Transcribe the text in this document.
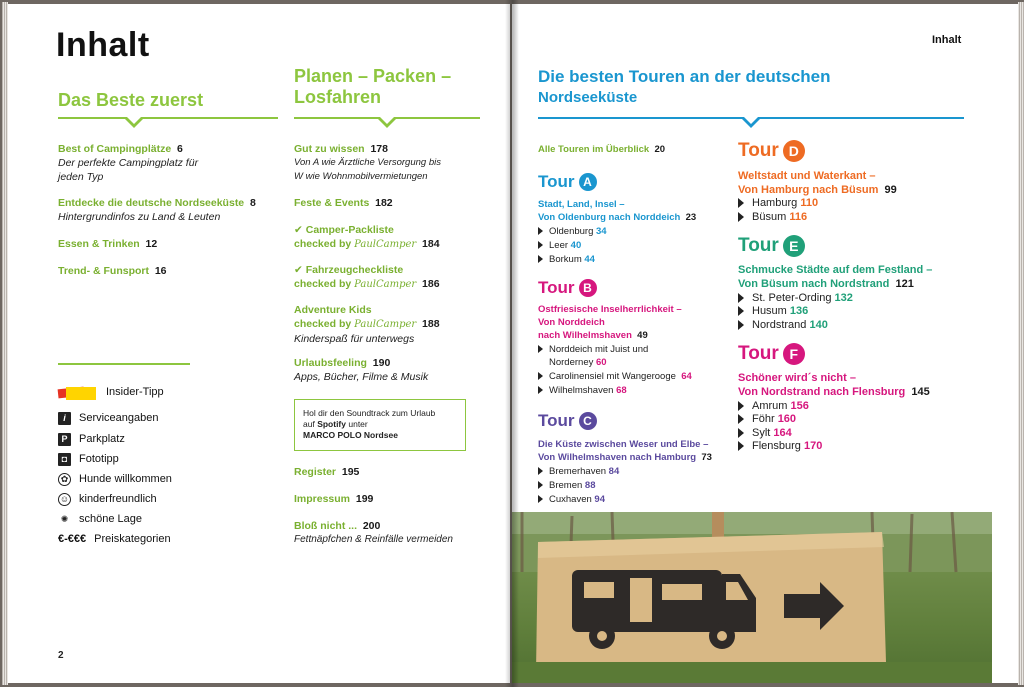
Inhalt
Das Beste zuerst
Best of Campingplätze 6
Der perfekte Campingplatz für
jeden Typ
Entdecke die deutsche Nordseeküste 8
Hintergrundinfos zu Land & Leuten
Essen & Trinken 12
Trend- & Funsport 16
Insider-Tipp
i	Serviceangaben
P	Parkplatz
◘	Fototipp
✿ Hunde willkommen
☺ kinderfreundlich
✺ schöne Lage
€-€€€ Preiskategorien
Planen – Packen –
Losfahren
Gut zu wissen 178
Von A wie Ärztliche Versorgung bis
W wie Wohnmobilvermietungen
Feste & Events 182
✔ Camper-Packliste
checked by PaulCamper 184
✔ Fahrzeugcheckliste
checked by PaulCamper 186
Adventure Kids
checked by PaulCamper 188
Kinderspaß für unterwegs
Urlaubsfeeling 190
Apps, Bücher, Filme & Musik
Hol dir den Soundtrack zum Urlaub
auf Spotify unter
MARCO POLO Nordsee
Register 195
Impressum 199
Bloß nicht ... 200
Fettnäpfchen & Reinfälle vermeiden
2
Inhalt
Die besten Touren an der deutschen
Nordseeküste
Alle Touren im Überblick 20
Tour A
Stadt, Land, Insel –
Von Oldenburg nach Norddeich 23
Oldenburg 34
Leer 40
Borkum 44
Tour B
Ostfriesische Inselherrlichkeit –
Von Norddeich
nach Wilhelmshaven 49
Norddeich mit Juist und
Norderney 60
Carolinensiel mit Wangerooge 64
Wilhelmshaven 68
Tour C
Die Küste zwischen Weser und Elbe –
Von Wilhelmshaven nach Hamburg 73
Bremerhaven 84
Bremen 88
Cuxhaven 94
Tour D
Weltstadt und Waterkant –
Von Hamburg nach Büsum 99
Hamburg 110
Büsum 116
Tour E
Schmucke Städte auf dem Festland –
Von Büsum nach Nordstrand 121
St. Peter-Ording 132
Husum 136
Nordstrand 140
Tour F
Schöner wird´s nicht –
Von Nordstrand nach Flensburg 145
Amrum 156
Föhr 160
Sylt 164
Flensburg 170
